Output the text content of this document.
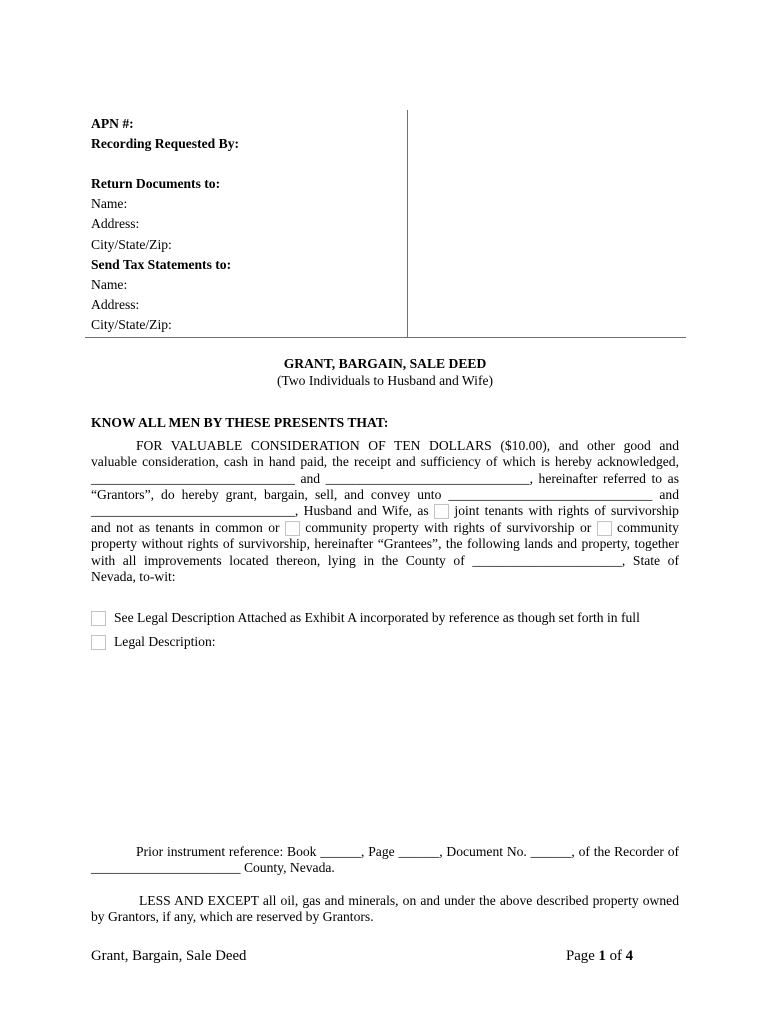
APN #:
Recording Requested By:
Return Documents to:
Name:
Address:
City/State/Zip:
Send Tax Statements to:
Name:
Address:
City/State/Zip:
GRANT, BARGAIN, SALE DEED
(Two Individuals to Husband and Wife)
KNOW ALL MEN BY THESE PRESENTS THAT:
FOR VALUABLE CONSIDERATION OF TEN DOLLARS ($10.00), and other good and
valuable consideration, cash in hand paid, the receipt and sufficiency of which is hereby acknowledged,
______________________________ and ______________________________, hereinafter referred to as
“Grantors”, do hereby grant, bargain, sell, and convey unto ______________________________ and
______________________________, Husband and Wife, as joint tenants with rights of survivorship
and not as tenants in common or community property with rights of survivorship or community
property without rights of survivorship, hereinafter “Grantees”, the following lands and property, together
with all improvements located thereon, lying in the County of ______________________, State of
Nevada, to-wit:
See Legal Description Attached as Exhibit A incorporated by reference as though set forth in full
Legal Description:
Prior instrument reference: Book ______, Page ______, Document No. ______, of the Recorder of
______________________ County, Nevada.
LESS AND EXCEPT all oil, gas and minerals, on and under the above described property owned
by Grantors, if any, which are reserved by Grantors.
Grant, Bargain, Sale Deed	Page 1 of 4
